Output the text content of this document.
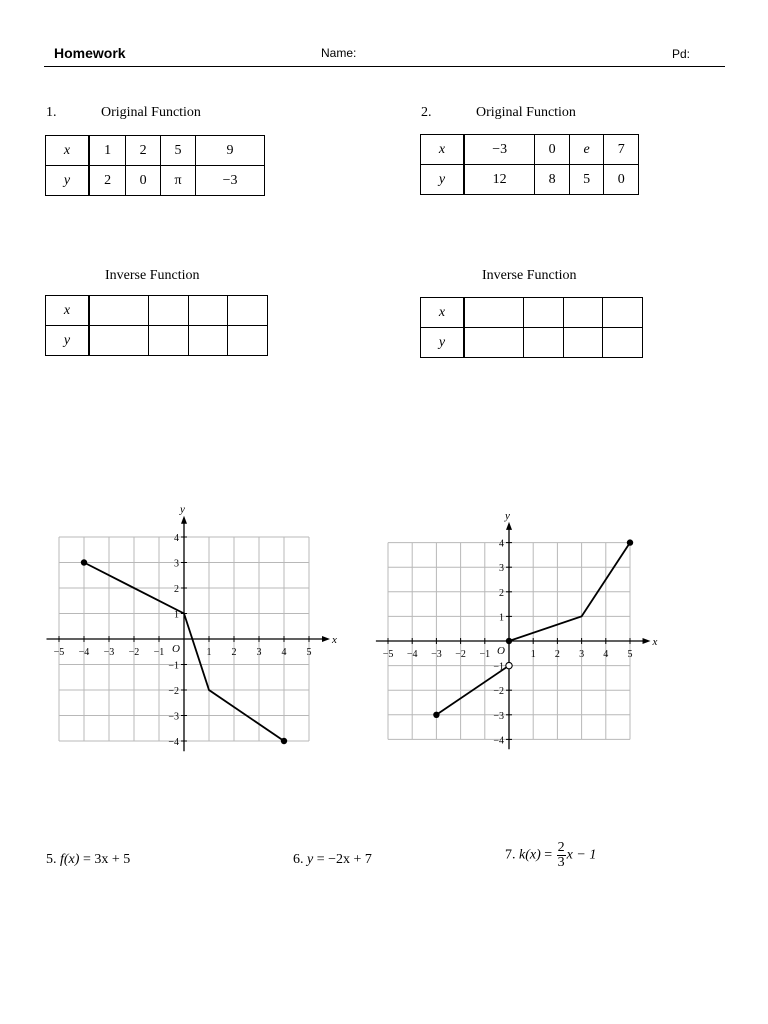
Homework	Name:	Pd:
1.	Original Function
x	1	2	5	9
y	2	0	π	−3
Inverse Function
x				
y				
2.	Original Function
x	−3	0	e	7
y	12	8	5	0
Inverse Function
x				
y				
x
y
O
−5 −4 −3 −2 −1	1 2 3 4 5
4
3
2
1
−1
−2
−3
−4
x
y
O
−5 −4 −3 −2 −1	1 2 3 4 5
4
3
2
1
−1
−2
−3
−4
5. f(x) = 3x + 5	6. y = −2x + 7	7. $k(x) = \frac{2}{3}$ x − 1
